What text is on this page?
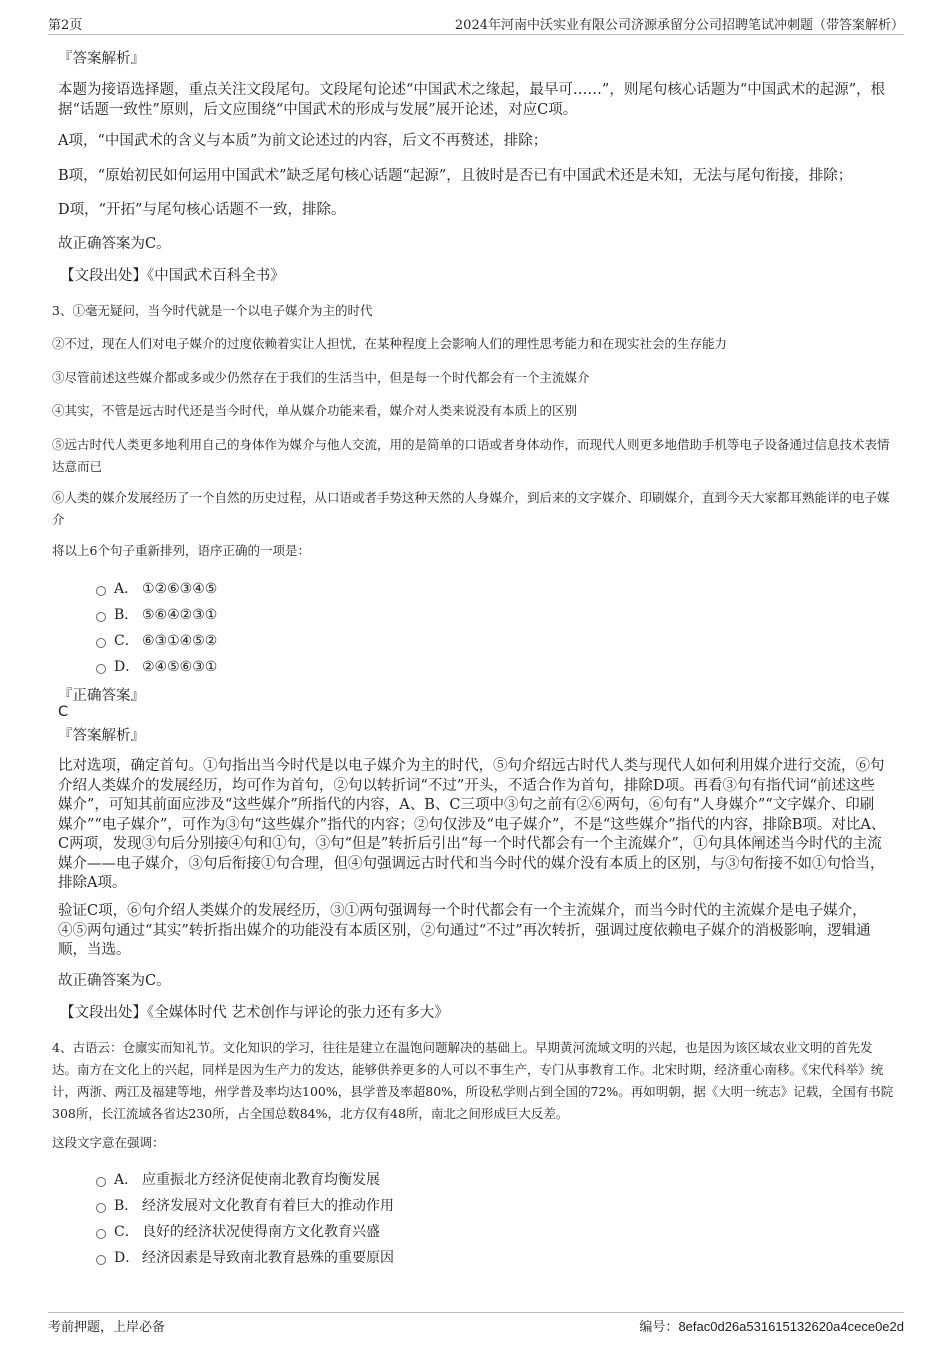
第2页	2024年河南中沃实业有限公司济源承留分公司招聘笔试冲刺题（带答案解析）
『答案解析』

本题为接语选择题，重点关注文段尾句。文段尾句论述“中国武术之缘起，最早可……”，则尾句核心话题为“中国武术的起源”，根据“话题一致性”原则，后文应围绕“中国武术的形成与发展”展开论述，对应C项。

A项，“中国武术的含义与本质”为前文论述过的内容，后文不再赘述，排除；

B项，“原始初民如何运用中国武术”缺乏尾句核心话题“起源”，且彼时是否已有中国武术还是未知，无法与尾句衔接，排除；

D项，“开拓”与尾句核心话题不一致，排除。

故正确答案为C。

【文段出处】《中国武术百科全书》

3、①毫无疑问，当今时代就是一个以电子媒介为主的时代

②不过，现在人们对电子媒介的过度依赖着实让人担忧，在某种程度上会影响人们的理性思考能力和在现实社会的生存能力

③尽管前述这些媒介都或多或少仍然存在于我们的生活当中，但是每一个时代都会有一个主流媒介

④其实，不管是远古时代还是当今时代，单从媒介功能来看，媒介对人类来说没有本质上的区别

⑤远古时代人类更多地利用自己的身体作为媒介与他人交流，用的是简单的口语或者身体动作，而现代人则更多地借助手机等电子设备通过信息技术表情达意而已

⑥人类的媒介发展经历了一个自然的历史过程，从口语或者手势这种天然的人身媒介，到后来的文字媒介、印刷媒介，直到今天大家都耳熟能详的电子媒介

将以上6个句子重新排列，语序正确的一项是：

A． ①②⑥③④⑤
B． ⑤⑥④②③①
C． ⑥③①④⑤②
D． ②④⑤⑥③①
『正确答案』
C
『答案解析』

比对选项，确定首句。①句指出当今时代是以电子媒介为主的时代，⑤句介绍远古时代人类与现代人如何利用媒介进行交流，⑥句介绍人类媒介的发展经历，均可作为首句，②句以转折词“不过”开头，不适合作为首句，排除D项。再看③句有指代词“前述这些媒介”，可知其前面应涉及“这些媒介”所指代的内容，A、B、C三项中③句之前有②⑥两句，⑥句有“人身媒介”“文字媒介、印刷媒介”“电子媒介”，可作为③句“这些媒介”指代的内容；②句仅涉及“电子媒介”，不是“这些媒介”指代的内容，排除B项。对比A、C两项，发现③句后分别接④句和①句，③句“但是”转折后引出“每一个时代都会有一个主流媒介”，①句具体阐述当今时代的主流媒介——电子媒介，③句后衔接①句合理，但④句强调远古时代和当今时代的媒介没有本质上的区别，与③句衔接不如①句恰当，排除A项。

验证C项，⑥句介绍人类媒介的发展经历，③①两句强调每一个时代都会有一个主流媒介，而当今时代的主流媒介是电子媒介，④⑤两句通过“其实”转折指出媒介的功能没有本质区别，②句通过“不过”再次转折，强调过度依赖电子媒介的消极影响，逻辑通顺，当选。

故正确答案为C。

【文段出处】《全媒体时代 艺术创作与评论的张力还有多大》

4、古语云：仓廪实而知礼节。文化知识的学习，往往是建立在温饱问题解决的基础上。早期黄河流域文明的兴起，也是因为该区域农业文明的首先发达。南方在文化上的兴起，同样是因为生产力的发达，能够供养更多的人可以不事生产，专门从事教育工作。北宋时期，经济重心南移。《宋代科举》统计，两浙、两江及福建等地，州学普及率均达100%，县学普及率超80%，所设私学则占到全国的72%。再如明朝，据《大明一统志》记载，全国有书院308所，长江流域各省达230所，占全国总数84%，北方仅有48所，南北之间形成巨大反差。

这段文字意在强调：

A． 应重振北方经济促使南北教育均衡发展
B． 经济发展对文化教育有着巨大的推动作用
C． 良好的经济状况使得南方文化教育兴盛
D． 经济因素是导致南北教育悬殊的重要原因
考前押题，上岸必备	编号：8efac0d26a531615132620a4cece0e2d
